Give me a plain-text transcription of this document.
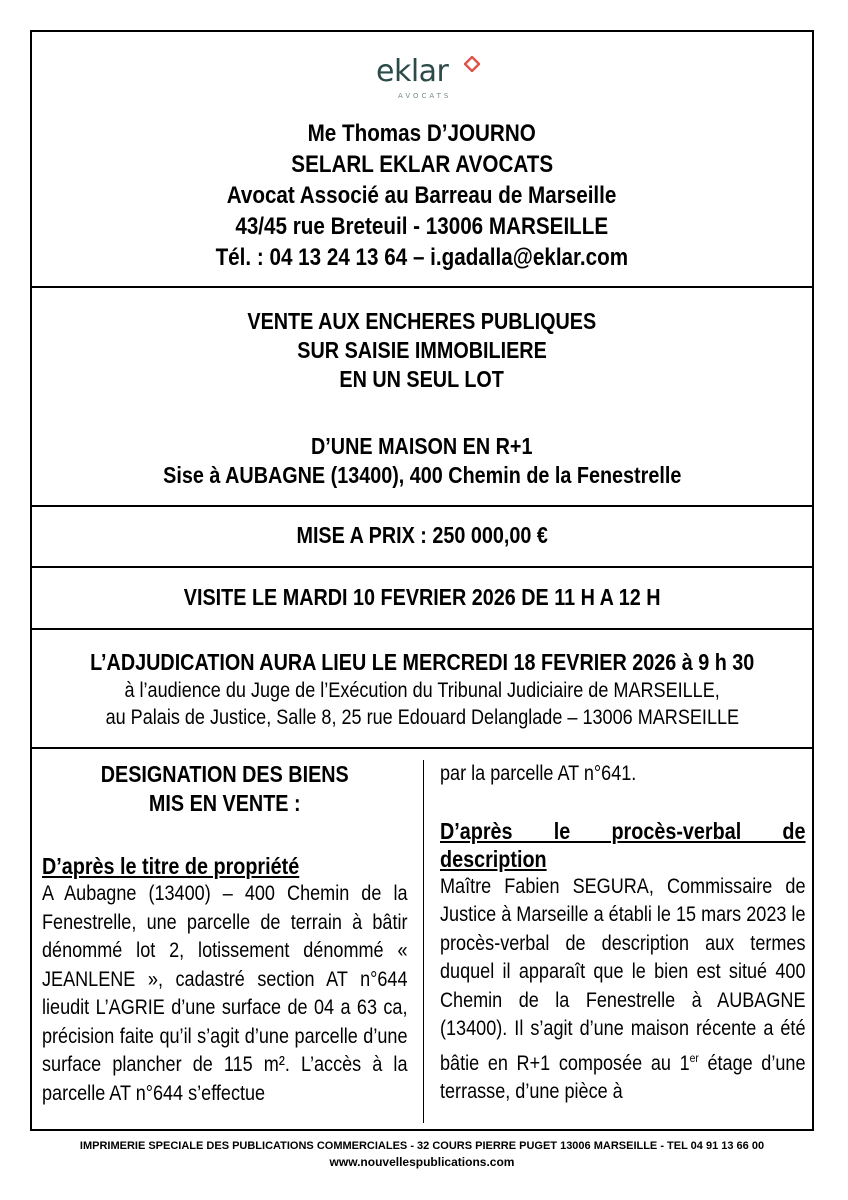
eklar
AVOCATS
Me Thomas D’JOURNO
SELARL EKLAR AVOCATS
Avocat Associé au Barreau de Marseille
43/45 rue Breteuil - 13006 MARSEILLE
Tél. : 04 13 24 13 64 – i.gadalla@eklar.com
VENTE AUX ENCHERES PUBLIQUES
SUR SAISIE IMMOBILIERE
EN UN SEUL LOT
D’UNE MAISON EN R+1
Sise à AUBAGNE (13400), 400 Chemin de la Fenestrelle
MISE A PRIX : 250 000,00 €
VISITE LE MARDI 10 FEVRIER 2026 DE 11 H A 12 H
L’ADJUDICATION AURA LIEU LE MERCREDI 18 FEVRIER 2026 à 9 h 30
à l’audience du Juge de l’Exécution du Tribunal Judiciaire de MARSEILLE,
au Palais de Justice, Salle 8, 25 rue Edouard Delanglade – 13006 MARSEILLE
DESIGNATION DES BIENS
MIS EN VENTE :
D’après le titre de propriété

A Aubagne (13400) – 400 Chemin de la Fenestrelle, une parcelle de terrain à bâtir dénommé lot 2, lotissement dénommé « JEANLENE », cadastré section AT n°644 lieudit L’AGRIE d’une surface de 04 a 63 ca, précision faite qu’il s’agit d’une parcelle d’une surface plancher de 115 m². L’accès à la parcelle AT n°644 s’effectue

par la parcelle AT n°641.

D’après le procès-verbal de description

Maître Fabien SEGURA, Commissaire de Justice à Marseille a établi le 15 mars 2023 le procès-verbal de description aux termes duquel il apparaît que le bien est situé 400 Chemin de la Fenestrelle à AUBAGNE (13400). Il s’agit d’une maison récente a été bâtie en R+1 composée au 1er étage d’une terrasse, d’une pièce à

IMPRIMERIE SPECIALE DES PUBLICATIONS COMMERCIALES - 32 COURS PIERRE PUGET 13006 MARSEILLE - TEL 04 91 13 66 00
www.nouvellespublications.com
